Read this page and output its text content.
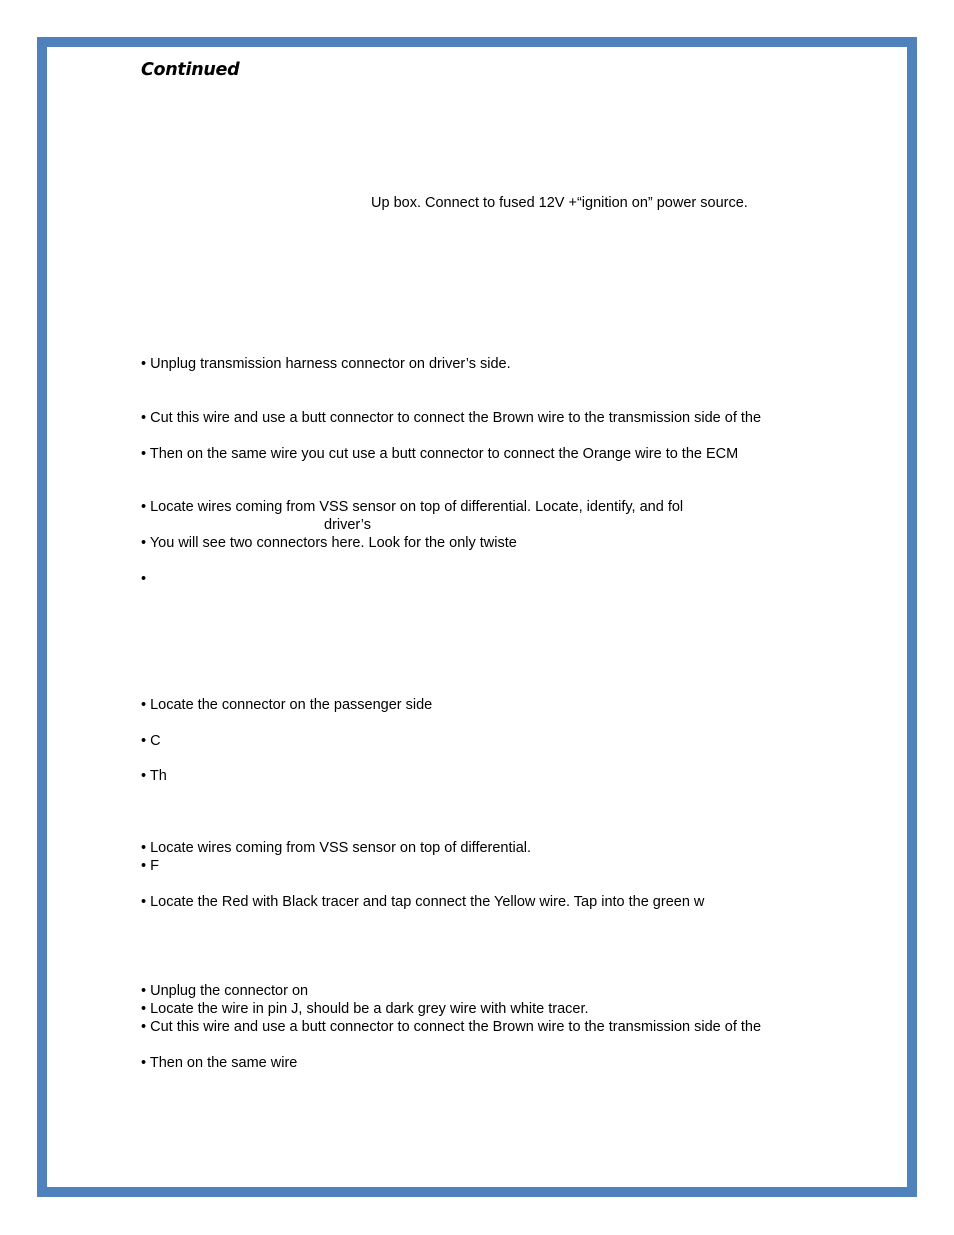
Continued

Up box. Connect to fused 12V +“ignition on” power source.

• Unplug transmission harness connector on driver’s side.

• Cut this wire and use a butt connector to connect the Brown wire to the transmission side of the

• Then on the same wire you cut use a butt connector to connect the Orange wire to the ECM

• Locate wires coming from VSS sensor on top of differential. Locate, identify, and fol

driver’s

• You will see two connectors here. Look for the only twiste

•

• Locate the connector on the passenger side

• C

• Th

• Locate wires coming from VSS sensor on top of differential.

• F

• Locate the Red with Black tracer and tap connect the Yellow wire. Tap into the green w

• Unplug the connector on

• Locate the wire in pin J, should be a dark grey wire with white tracer.

• Cut this wire and use a butt connector to connect the Brown wire to the transmission side of the

• Then on the same wire
